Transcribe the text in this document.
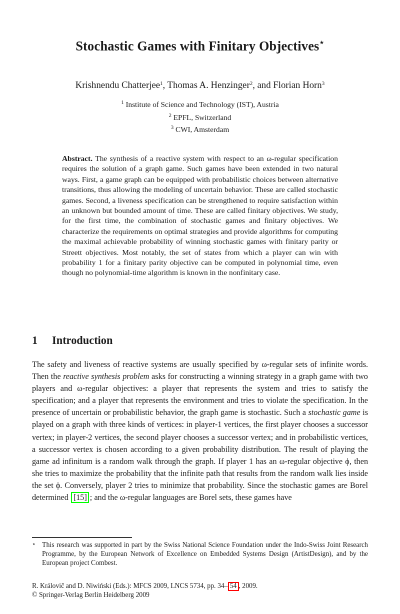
Stochastic Games with Finitary Objectives⋆
Krishnendu Chatterjee$^1$, Thomas A. Henzinger$^2$, and Florian Horn$^3$
$^1$ Institute of Science and Technology (IST), Austria
$^2$ EPFL, Switzerland
$^3$ CWI, Amsterdam
Abstract. The synthesis of a reactive system with respect to an ω-regular specification requires the solution of a graph game. Such games have been extended in two natural ways. First, a game graph can be equipped with probabilistic choices between alternative transitions, thus allowing the modeling of uncertain behavior. These are called stochastic games. Second, a liveness specification can be strengthened to require satisfaction within an unknown but bounded amount of time. These are called finitary objectives. We study, for the first time, the combination of stochastic games and finitary objectives. We characterize the requirements on optimal strategies and provide algorithms for computing the maximal achievable probability of winning stochastic games with finitary parity or Streett objectives. Most notably, the set of states from which a player can win with probability 1 for a finitary parity objective can be computed in polynomial time, even though no polynomial-time algorithm is known in the nonfinitary case.
1 Introduction

The safety and liveness of reactive systems are usually specified by ω-regular sets of infinite words. Then the reactive synthesis problem asks for constructing a winning strategy in a graph game with two players and ω-regular objectives: a player that represents the system and tries to satisfy the specification; and a player that represents the environment and tries to violate the specification. In the presence of uncertain or probabilistic behavior, the graph game is stochastic. Such a stochastic game is played on a graph with three kinds of vertices: in player-1 vertices, the first player chooses a successor vertex; in player-2 vertices, the second player chooses a successor vertex; and in probabilistic vertices, a successor vertex is chosen according to a given probability distribution. The result of playing the game ad infinitum is a random walk through the graph. If player 1 has an ω-regular objective ϕ, then she tries to maximize the probability that the infinite path that results from the random walk lies inside the set ϕ. Conversely, player 2 tries to minimize that probability. Since the stochastic games are Borel determined [15] ; and the ω-regular languages are Borel sets, these games have

⋆ This research was supported in part by the Swiss National Science Foundation under the Indo-Swiss Joint Research Programme, by the European Network of Excellence on Embedded Systems Design (ArtistDesign), and by the European project Combest.
R. Královič and D. Niwiński (Eds.): MFCS 2009, LNCS 5734, pp. 34– 54 , 2009.
© Springer-Verlag Berlin Heidelberg 2009
